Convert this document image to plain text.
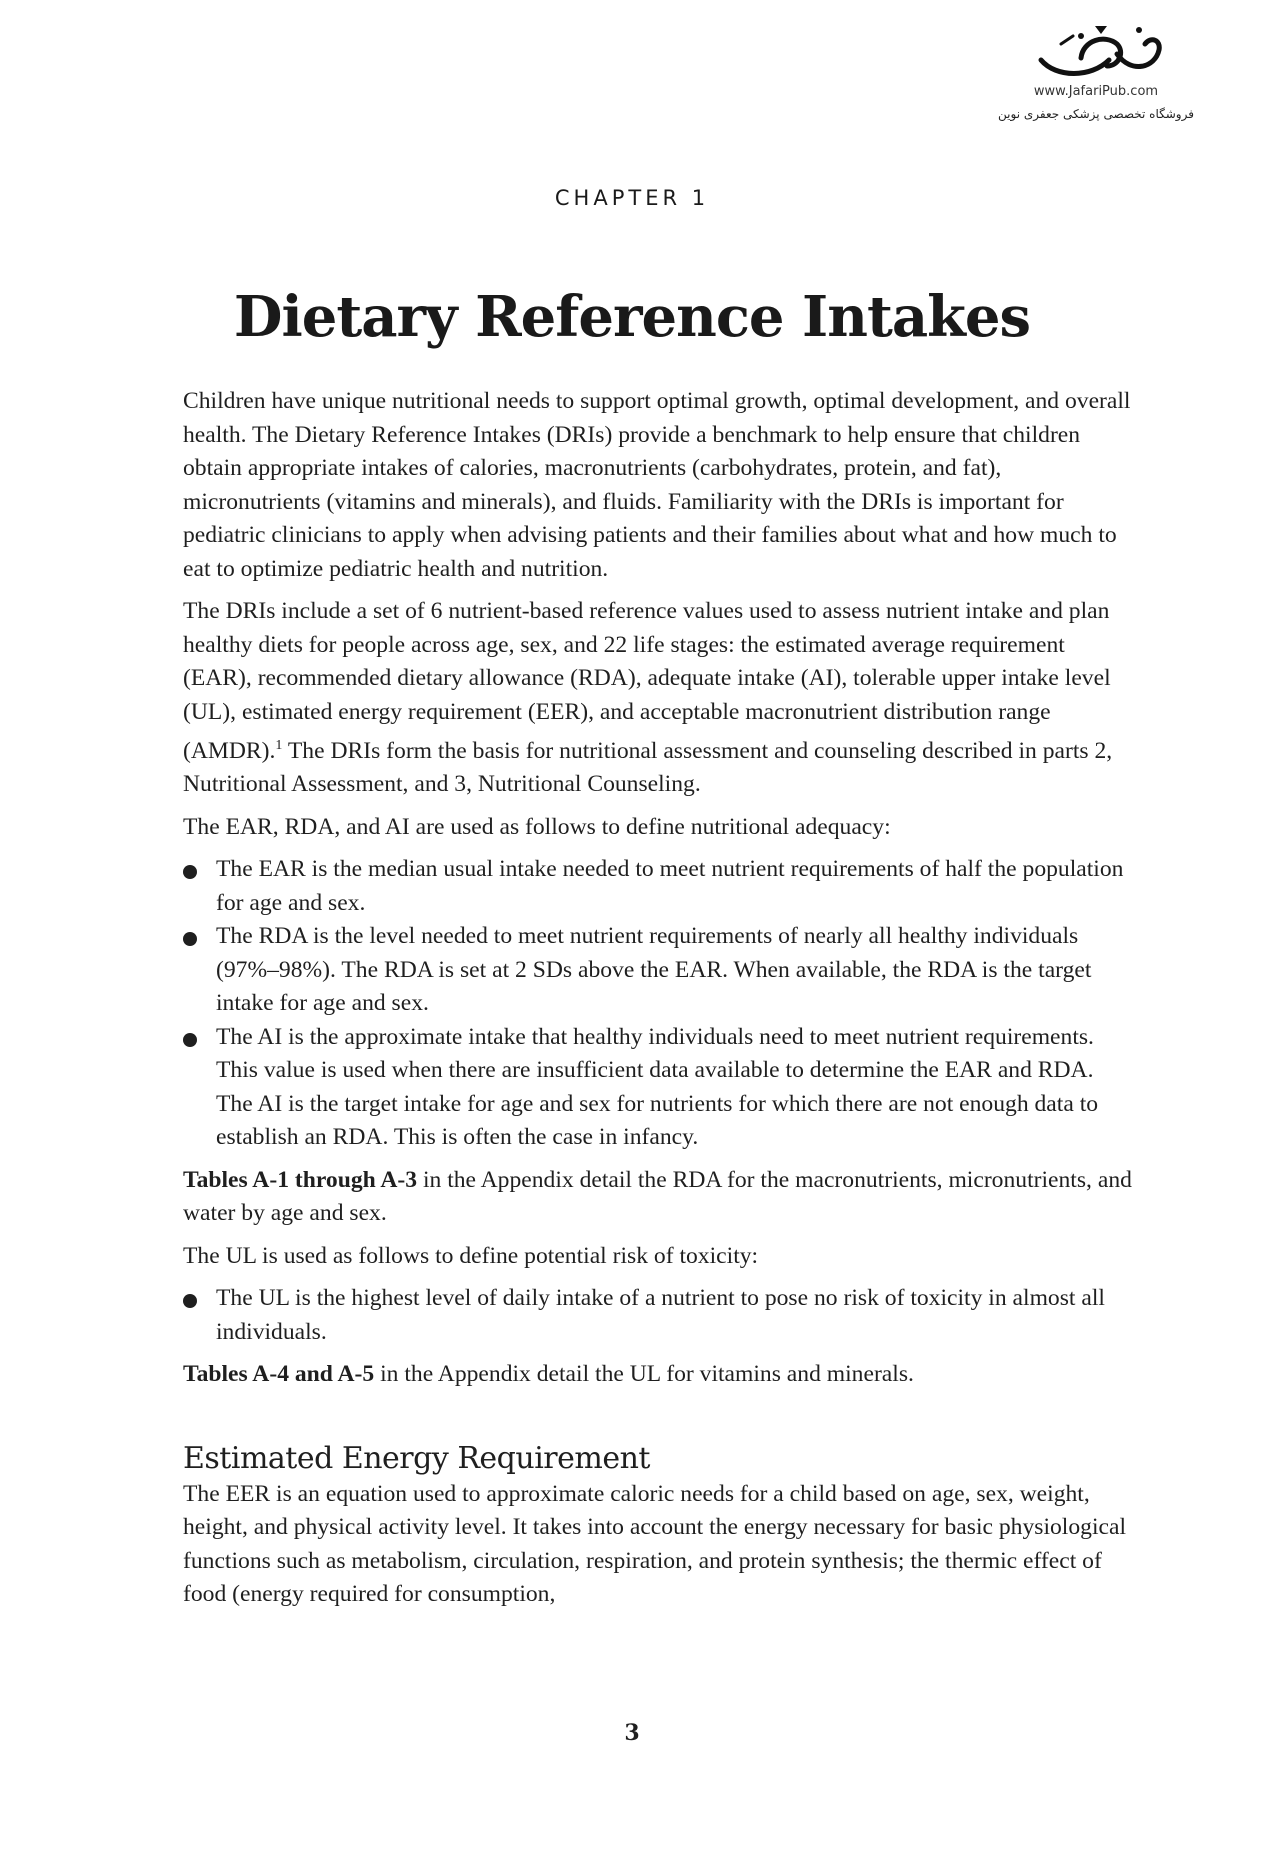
www.JafariPub.com
فروشگاه تخصصی پزشکی جعفری نوین
CHAPTER 1
Dietary Reference Intakes

Children have unique nutritional needs to support optimal growth, optimal development, and overall health. The Dietary Reference Intakes (DRIs) provide a benchmark to help ensure that children obtain appropriate intakes of calories, macronutrients (carbohydrates, protein, and fat), micronutrients (vitamins and minerals), and fluids. Familiarity with the DRIs is important for pediatric clinicians to apply when advising patients and their families about what and how much to eat to optimize pediatric health and nutrition.

The DRIs include a set of 6 nutrient-based reference values used to assess nutrient intake and plan healthy diets for people across age, sex, and 22 life stages: the estimated average requirement (EAR), recommended dietary allowance (RDA), adequate intake (AI), tolerable upper intake level (UL), estimated energy requirement (EER), and acceptable macronutrient distribution range (AMDR).$^1$ The DRIs form the basis for nutritional assessment and counseling described in parts 2, Nutritional Assessment, and 3, Nutritional Counseling.

The EAR, RDA, and AI are used as follows to define nutritional adequacy:

The EAR is the median usual intake needed to meet nutrient requirements of half the population for age and sex.
The RDA is the level needed to meet nutrient requirements of nearly all healthy individuals (97%–98%). The RDA is set at 2 SDs above the EAR. When available, the RDA is the target intake for age and sex.
The AI is the approximate intake that healthy individuals need to meet nutrient requirements. This value is used when there are insufficient data available to determine the EAR and RDA. The AI is the target intake for age and sex for nutrients for which there are not enough data to establish an RDA. This is often the case in infancy.

Tables A-1 through A-3 in the Appendix detail the RDA for the macronutrients, micronutrients, and water by age and sex.

The UL is used as follows to define potential risk of toxicity:

The UL is the highest level of daily intake of a nutrient to pose no risk of toxicity in almost all individuals.

Tables A-4 and A-5 in the Appendix detail the UL for vitamins and minerals.

Estimated Energy Requirement

The EER is an equation used to approximate caloric needs for a child based on age, sex, weight, height, and physical activity level. It takes into account the energy necessary for basic physiological functions such as metabolism, circulation, respiration, and protein synthesis; the thermic effect of food (energy required for consumption,

3
